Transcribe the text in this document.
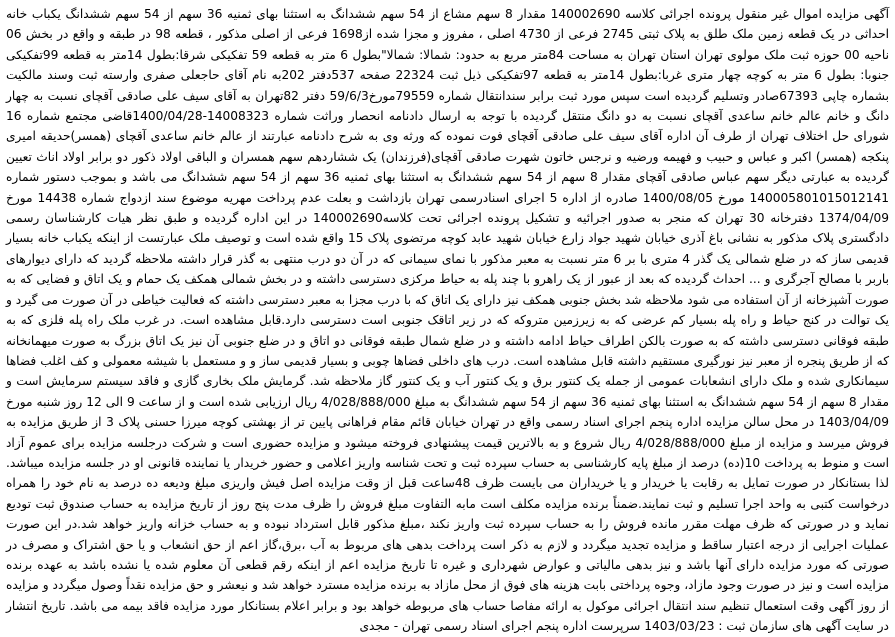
آگهی مزایده اموال غیر منقول پرونده اجرائی کلاسه 140002690 مقدار 8 سهم مشاع از 54 سهم ششدانگ به استثنا بهای ثمنیه 36 سهم از 54 سهم ششدانگ یکباب خانه احداثی در یک قطعه زمین ملک طلق به پلاک ثبتی 2745 فرعی از 4730 اصلی ، مفروز و مجزا شده از1698 فرعی از اصلی مذکور ، قطعه 98 در طبقه و واقع در بخش 06 ناحیه 00 حوزه ثبت ملک مولوی تهران استان تهران به مساحت 84متر مربع به حدود: شمالا: شمالا"بطول 6 متر به قطعه 59 تفکیکی شرقا:بطول 14متر به قطعه 99تفکیکی جنوبا: بطول 6 متر به کوچه چهار متری غربا:بطول 14متر به قطعه 97تفکیکی ذیل ثبت 22324 صفحه 537دفتر 202به نام آقای حاجعلی صفری وارسته ثبت وسند مالکیت بشماره چاپی 67393صادر وتسلیم گردیده است سپس مورد ثبت برابر سندانتقال شماره 79559مورخ59/6/3 دفتر 82تهران به آقای سیف علی صادقی آقچای نسبت به چهار دانگ و خانم عالم خانم ساعدی آقچای نسبت به دو دانگ منتقل گردیده با توجه به ارسال دادنامه انحصار وراثت شماره 14008323-1400/04/28قاضی مجتمع شماره 16 شورای حل اختلاف تهران از طرف آن اداره آقای سیف علی صادقی آقچای فوت نموده که ورثه وی به شرح دادنامه عبارتند از عالم خانم ساعدی آقچای (همسر)حدیقه امیری پنکجه (همسر) اکبر و عباس و حبیب و فهیمه ورضیه و نرجس خاتون شهرت صادقی آقچای(فرزندان) یک ششاردهم سهم همسران و الباقی اولاد ذکور دو برابر اولاد اناث تعیین گردیده به عبارتی دیگر سهم عباس صادقی آقچای مقدار 8 سهم از 54 سهم ششدانگ به استثنا بهای ثمنیه 36 سهم از 54 سهم ششدانگ می باشد و بموجب دستور شماره 140005801015012141 مورخ 1400/08/05 صادره از اداره 5 اجرای اسنادرسمی تهران بازداشت و بعلت عدم پرداخت مهریه موضوع سند ازدواج شماره 14438 مورخ 1374/04/09 دفترخانه 30 تهران که منجر به صدور اجرائیه و تشکیل پرونده اجرائی تحت کلاسه140002690 در این اداره گردیده و طبق نظر هیات کارشناسان رسمی دادگستری پلاک مذکور به نشانی باغ آذری خیابان شهید جواد زارع خیابان شهید عابد کوچه مرتضوی پلاک 15 واقع شده است و توصیف ملک عبارتست از اینکه یکباب خانه بسیار قدیمی ساز که در ضلع شمالی یک گذر 4 متری با بر 6 متر نسبت به معبر مذکور با نمای سیمانی که در آن دو درب منتهی به گذر قرار داشته ملاحظه گردید که دارای دیوارهای باربر با مصالح آجرگری و ... احداث گردیده که بعد از عبور از یک راهرو با چند پله به حیاط مرکزی دسترسی داشته و در بخش شمالی همکف یک حمام و یک اتاق و فضایی که به صورت آشپزخانه از آن استفاده می شود ملاحظه شد بخش جنوبی همکف نیز دارای یک اتاق که با درب مجزا به معبر دسترسی داشته که فعالیت خیاطی در آن صورت می گیرد و یک توالت در کنج حیاط و راه پله بسیار کم عرضی که به زیرزمین متروکه که در زیر اتاقک جنوبی است دسترسی دارد.قابل مشاهده است. در غرب ملک راه پله فلزی که به طبقه فوقانی دسترسی داشته که به صورت بالکن اطراف حیاط ادامه داشته و در ضلع شمال طبقه فوقانی دو اتاق و در ضلع جنوبی آن نیز یک اتاق بزرگ به صورت میهمانخانه که از طریق پنجره از معبر نیز نورگیری مستقیم داشته قابل مشاهده است. درب های داخلی فضاها چوبی و بسیار قدیمی ساز و و مستعمل با شیشه معمولی و کف اغلب فضاها سیمانکاری شده و ملک دارای انشعابات عمومی از جمله یک کنتور برق و یک کنتور آب و یک کنتور گاز ملاحظه شد. گرمایش ملک بخاری گازی و فاقد سیستم سرمایش است و مقدار 8 سهم از 54 سهم ششدانگ به استثنا بهای ثمنیه 36 سهم از 54 سهم ششدانگ به مبلغ 4/028/888/000 ریال ارزیابی شده است و از ساعت 9 الی 12 روز شنبه مورخ 1403/04/09 در محل سالن مزایده اداره پنجم اجرای اسناد رسمی واقع در تهران خیابان قائم مقام فراهانی پایین تر از بهشتی کوچه میرزا حسنی پلاک 3 از طریق مزایده به فروش میرسد و مزایده از مبلغ 4/028/888/000 ریال شروع و به بالاترین قیمت پیشنهادی فروخته میشود و مزایده حضوری است و شرکت درجلسه مزایده برای عموم آزاد است و منوط به پرداخت 10(ده) درصد از مبلغ پایه کارشناسی به حساب سپرده ثبت و تحت شناسه واریز اعلامی و حضور خریدار یا نماینده قانونی او در جلسه مزایده میباشد. لذا بستانکار در صورت تمایل به رقابت یا خریدار و یا خریداران می بایست ظرف 48ساعت قبل از وقت مزایده اصل فیش واریزی مبلغ ودیعه ده درصد به نام خود را همراه درخواست کتبی به واحد اجرا تسلیم و ثبت نمایند.ضمناً برنده مزایده مکلف است مابه التفاوت مبلغ فروش را ظرف مدت پنج روز از تاریخ مزایده به حساب صندوق ثبت تودیع نماید و در صورتی که ظرف مهلت مقرر مانده فروش را به حساب سپرده ثبت واریز نکند ،مبلغ مذکور قابل استرداد نبوده و به حساب خزانه واریز خواهد شد.در این صورت عملیات اجرایی از درجه اعتبار ساقط و مزایده تجدید میگردد و لازم به ذکر است پرداخت بدهی های مربوط به آب ،برق،گاز اعم از حق انشعاب و یا حق اشتراک و مصرف در صورتی که مورد مزایده دارای آنها باشد و نیز بدهی مالیاتی و عوارض شهرداری و غیره تا تاریخ مزایده اعم از اینکه رقم قطعی آن معلوم شده یا نشده باشد به عهده برنده مزایده است و نیز در صورت وجود مازاد، وجوه پرداختی بابت هزینه های فوق از محل مازاد به برنده مزایده مسترد خواهد شد و نیعشر و حق مزایده نقداً وصول میگردد و مزایده از روز آگهی وقت استعمال تنظیم سند انتقال اجرائی موکول به ارائه مفاصا حساب های مربوطه خواهد بود و برابر اعلام بستانکار مورد مزایده فاقد بیمه می باشد. تاریخ انتشار در سایت آگهی های سازمان ثبت : 1403/03/23 سرپرست اداره پنجم اجرای اسناد رسمی تهران - مجدی
